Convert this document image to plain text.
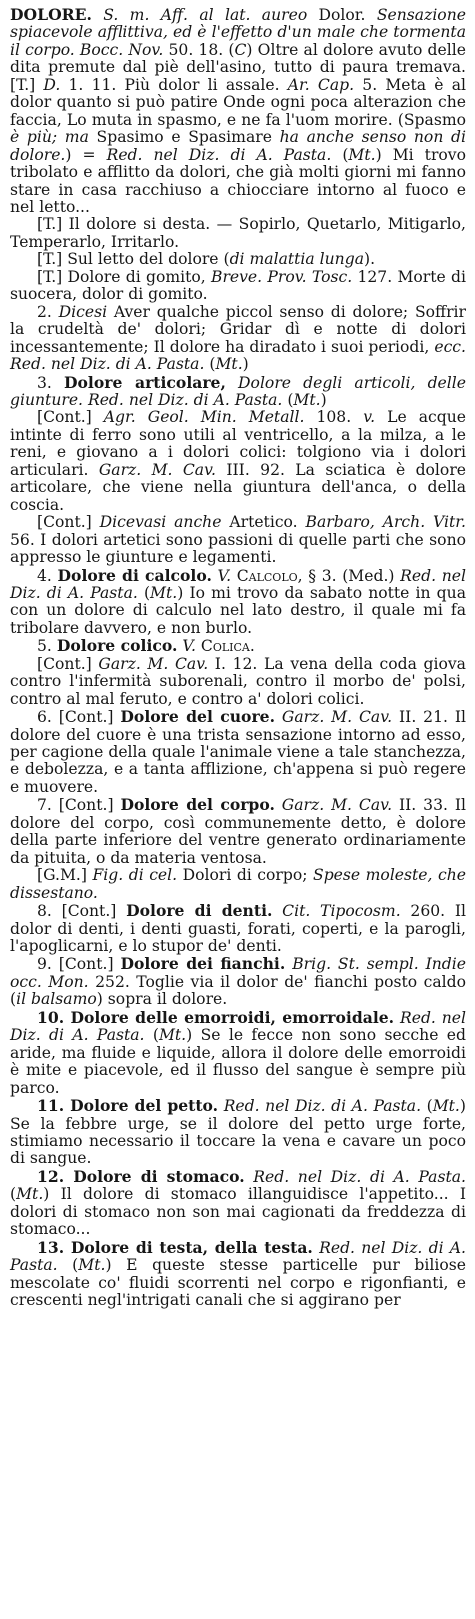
DOLORE. S. m. Aff. al lat. aureo Dolor. Sensazione spiacevole afflittiva, ed è l'effetto d'un male che tormenta il corpo. Bocc. Nov. 50. 18. (C) Oltre al dolore avuto delle dita premute dal piè dell'asino, tutto di paura tremava. [T.] D. 1. 11. Più dolor li assale. Ar. Cap. 5. Meta è al dolor quanto si può patire Onde ogni poca alterazion che faccia, Lo muta in spasmo, e ne fa l'uom morire. (Spasmo è più; ma Spasimo e Spasimare ha anche senso non di dolore.) = Red. nel Diz. di A. Pasta. (Mt.) Mi trovo tribolato e afflitto da dolori, che già molti giorni mi fanno stare in casa racchiuso a chiocciare intorno al fuoco e nel letto...

[T.] Il dolore si desta. — Sopirlo, Quetarlo, Mitigarlo, Temperarlo, Irritarlo.

[T.] Sul letto del dolore (di malattia lunga).

[T.] Dolore di gomito, Breve. Prov. Tosc. 127. Morte di suocera, dolor di gomito.

2. Dicesi Aver qualche piccol senso di dolore; Soffrir la crudeltà de' dolori; Gridar dì e notte di dolori incessantemente; Il dolore ha diradato i suoi periodi, ecc. Red. nel Diz. di A. Pasta. (Mt.)

3. Dolore articolare, Dolore degli articoli, delle giunture. Red. nel Diz. di A. Pasta. (Mt.)

[Cont.] Agr. Geol. Min. Metall. 108. v. Le acque intinte di ferro sono utili al ventricello, a la milza, a le reni, e giovano a i dolori colici: tolgiono via i dolori articulari. Garz. M. Cav. III. 92. La sciatica è dolore articolare, che viene nella giuntura dell'anca, o della coscia.

[Cont.] Dicevasi anche Artetico. Barbaro, Arch. Vitr. 56. I dolori artetici sono passioni di quelle parti che sono appresso le giunture e legamenti.

4. Dolore di calcolo. V. Calcolo, § 3. (Med.) Red. nel Diz. di A. Pasta. (Mt.) Io mi trovo da sabato notte in qua con un dolore di calculo nel lato destro, il quale mi fa tribolare davvero, e non burlo.

5. Dolore colico. V. Colica.

[Cont.] Garz. M. Cav. I. 12. La vena della coda giova contro l'infermità suborenali, contro il morbo de' polsi, contro al mal feruto, e contro a' dolori colici.

6. [Cont.] Dolore del cuore. Garz. M. Cav. II. 21. Il dolore del cuore è una trista sensazione intorno ad esso, per cagione della quale l'animale viene a tale stanchezza, e debolezza, e a tanta afflizione, ch'appena si può regere e muovere.

7. [Cont.] Dolore del corpo. Garz. M. Cav. II. 33. Il dolore del corpo, così communemente detto, è dolore della parte inferiore del ventre generato ordinariamente da pituita, o da materia ventosa.

[G.M.] Fig. di cel. Dolori di corpo; Spese moleste, che dissestano.

8. [Cont.] Dolore di denti. Cit. Tipocosm. 260. Il dolor di denti, i denti guasti, forati, coperti, e la parogli, l'apoglicarni, e lo stupor de' denti.

9. [Cont.] Dolore dei fianchi. Brig. St. sempl. Indie occ. Mon. 252. Toglie via il dolor de' fianchi posto caldo (il balsamo) sopra il dolore.

10. Dolore delle emorroidi, emorroidale. Red. nel Diz. di A. Pasta. (Mt.) Se le fecce non sono secche ed aride, ma fluide e liquide, allora il dolore delle emorroidi è mite e piacevole, ed il flusso del sangue è sempre più parco.

11. Dolore del petto. Red. nel Diz. di A. Pasta. (Mt.) Se la febbre urge, se il dolore del petto urge forte, stimiamo necessario il toccare la vena e cavare un poco di sangue.

12. Dolore di stomaco. Red. nel Diz. di A. Pasta. (Mt.) Il dolore di stomaco illanguidisce l'appetito... I dolori di stomaco non son mai cagionati da freddezza di stomaco...

13. Dolore di testa, della testa. Red. nel Diz. di A. Pasta. (Mt.) E queste stesse particelle pur biliose mescolate co' fluidi scorrenti nel corpo e rigonfianti, e crescenti negl'intrigati canali che si aggirano per
